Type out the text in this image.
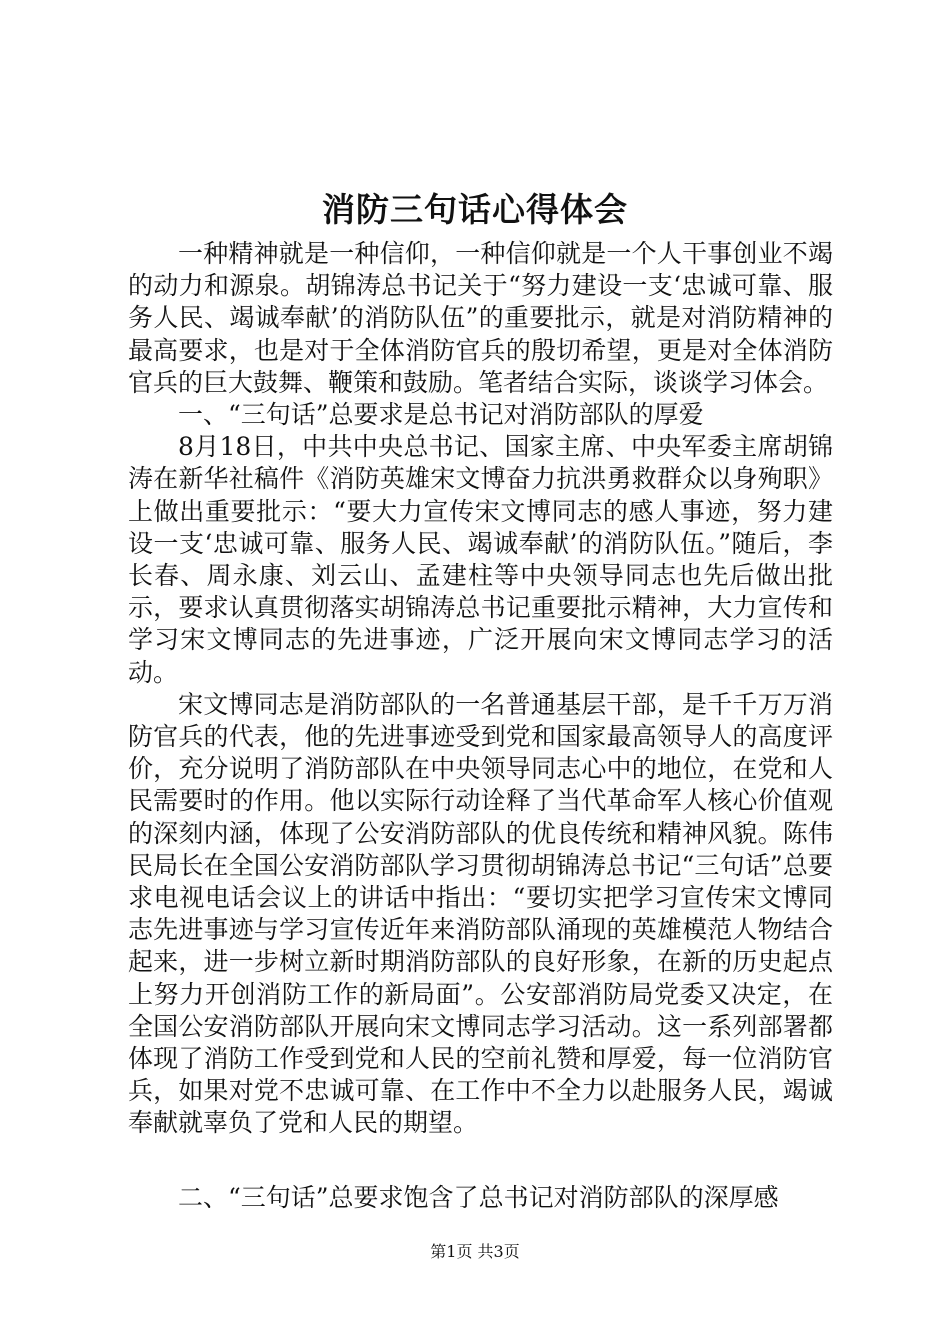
消防三句话心得体会

一种精神就是一种信仰，一种信仰就是一个人干事创业不竭的动力和源泉。胡锦涛总书记关于“努力建设一支‘忠诚可靠、服务人民、竭诚奉献’的消防队伍”的重要批示，就是对消防精神的最高要求，也是对于全体消防官兵的殷切希望，更是对全体消防官兵的巨大鼓舞、鞭策和鼓励。笔者结合实际，谈谈学习体会。

一、“三句话”总要求是总书记对消防部队的厚爱

8月18日，中共中央总书记、国家主席、中央军委主席胡锦涛在新华社稿件《消防英雄宋文博奋力抗洪勇救群众以身殉职》上做出重要批示：“要大力宣传宋文博同志的感人事迹，努力建设一支‘忠诚可靠、服务人民、竭诚奉献’的消防队伍。”随后，李长春、周永康、刘云山、孟建柱等中央领导同志也先后做出批示，要求认真贯彻落实胡锦涛总书记重要批示精神，大力宣传和学习宋文博同志的先进事迹，广泛开展向宋文博同志学习的活动。

宋文博同志是消防部队的一名普通基层干部，是千千万万消防官兵的代表，他的先进事迹受到党和国家最高领导人的高度评价，充分说明了消防部队在中央领导同志心中的地位，在党和人民需要时的作用。他以实际行动诠释了当代革命军人核心价值观的深刻内涵，体现了公安消防部队的优良传统和精神风貌。陈伟民局长在全国公安消防部队学习贯彻胡锦涛总书记“三句话”总要求电视电话会议上的讲话中指出：“要切实把学习宣传宋文博同志先进事迹与学习宣传近年来消防部队涌现的英雄模范人物结合起来，进一步树立新时期消防部队的良好形象，在新的历史起点上努力开创消防工作的新局面”。公安部消防局党委又决定，在全国公安消防部队开展向宋文博同志学习活动。这一系列部署都体现了消防工作受到党和人民的空前礼赞和厚爱，每一位消防官兵，如果对党不忠诚可靠、在工作中不全力以赴服务人民，竭诚奉献就辜负了党和人民的期望。

二、“三句话”总要求饱含了总书记对消防部队的深厚感

第1页 共3页
